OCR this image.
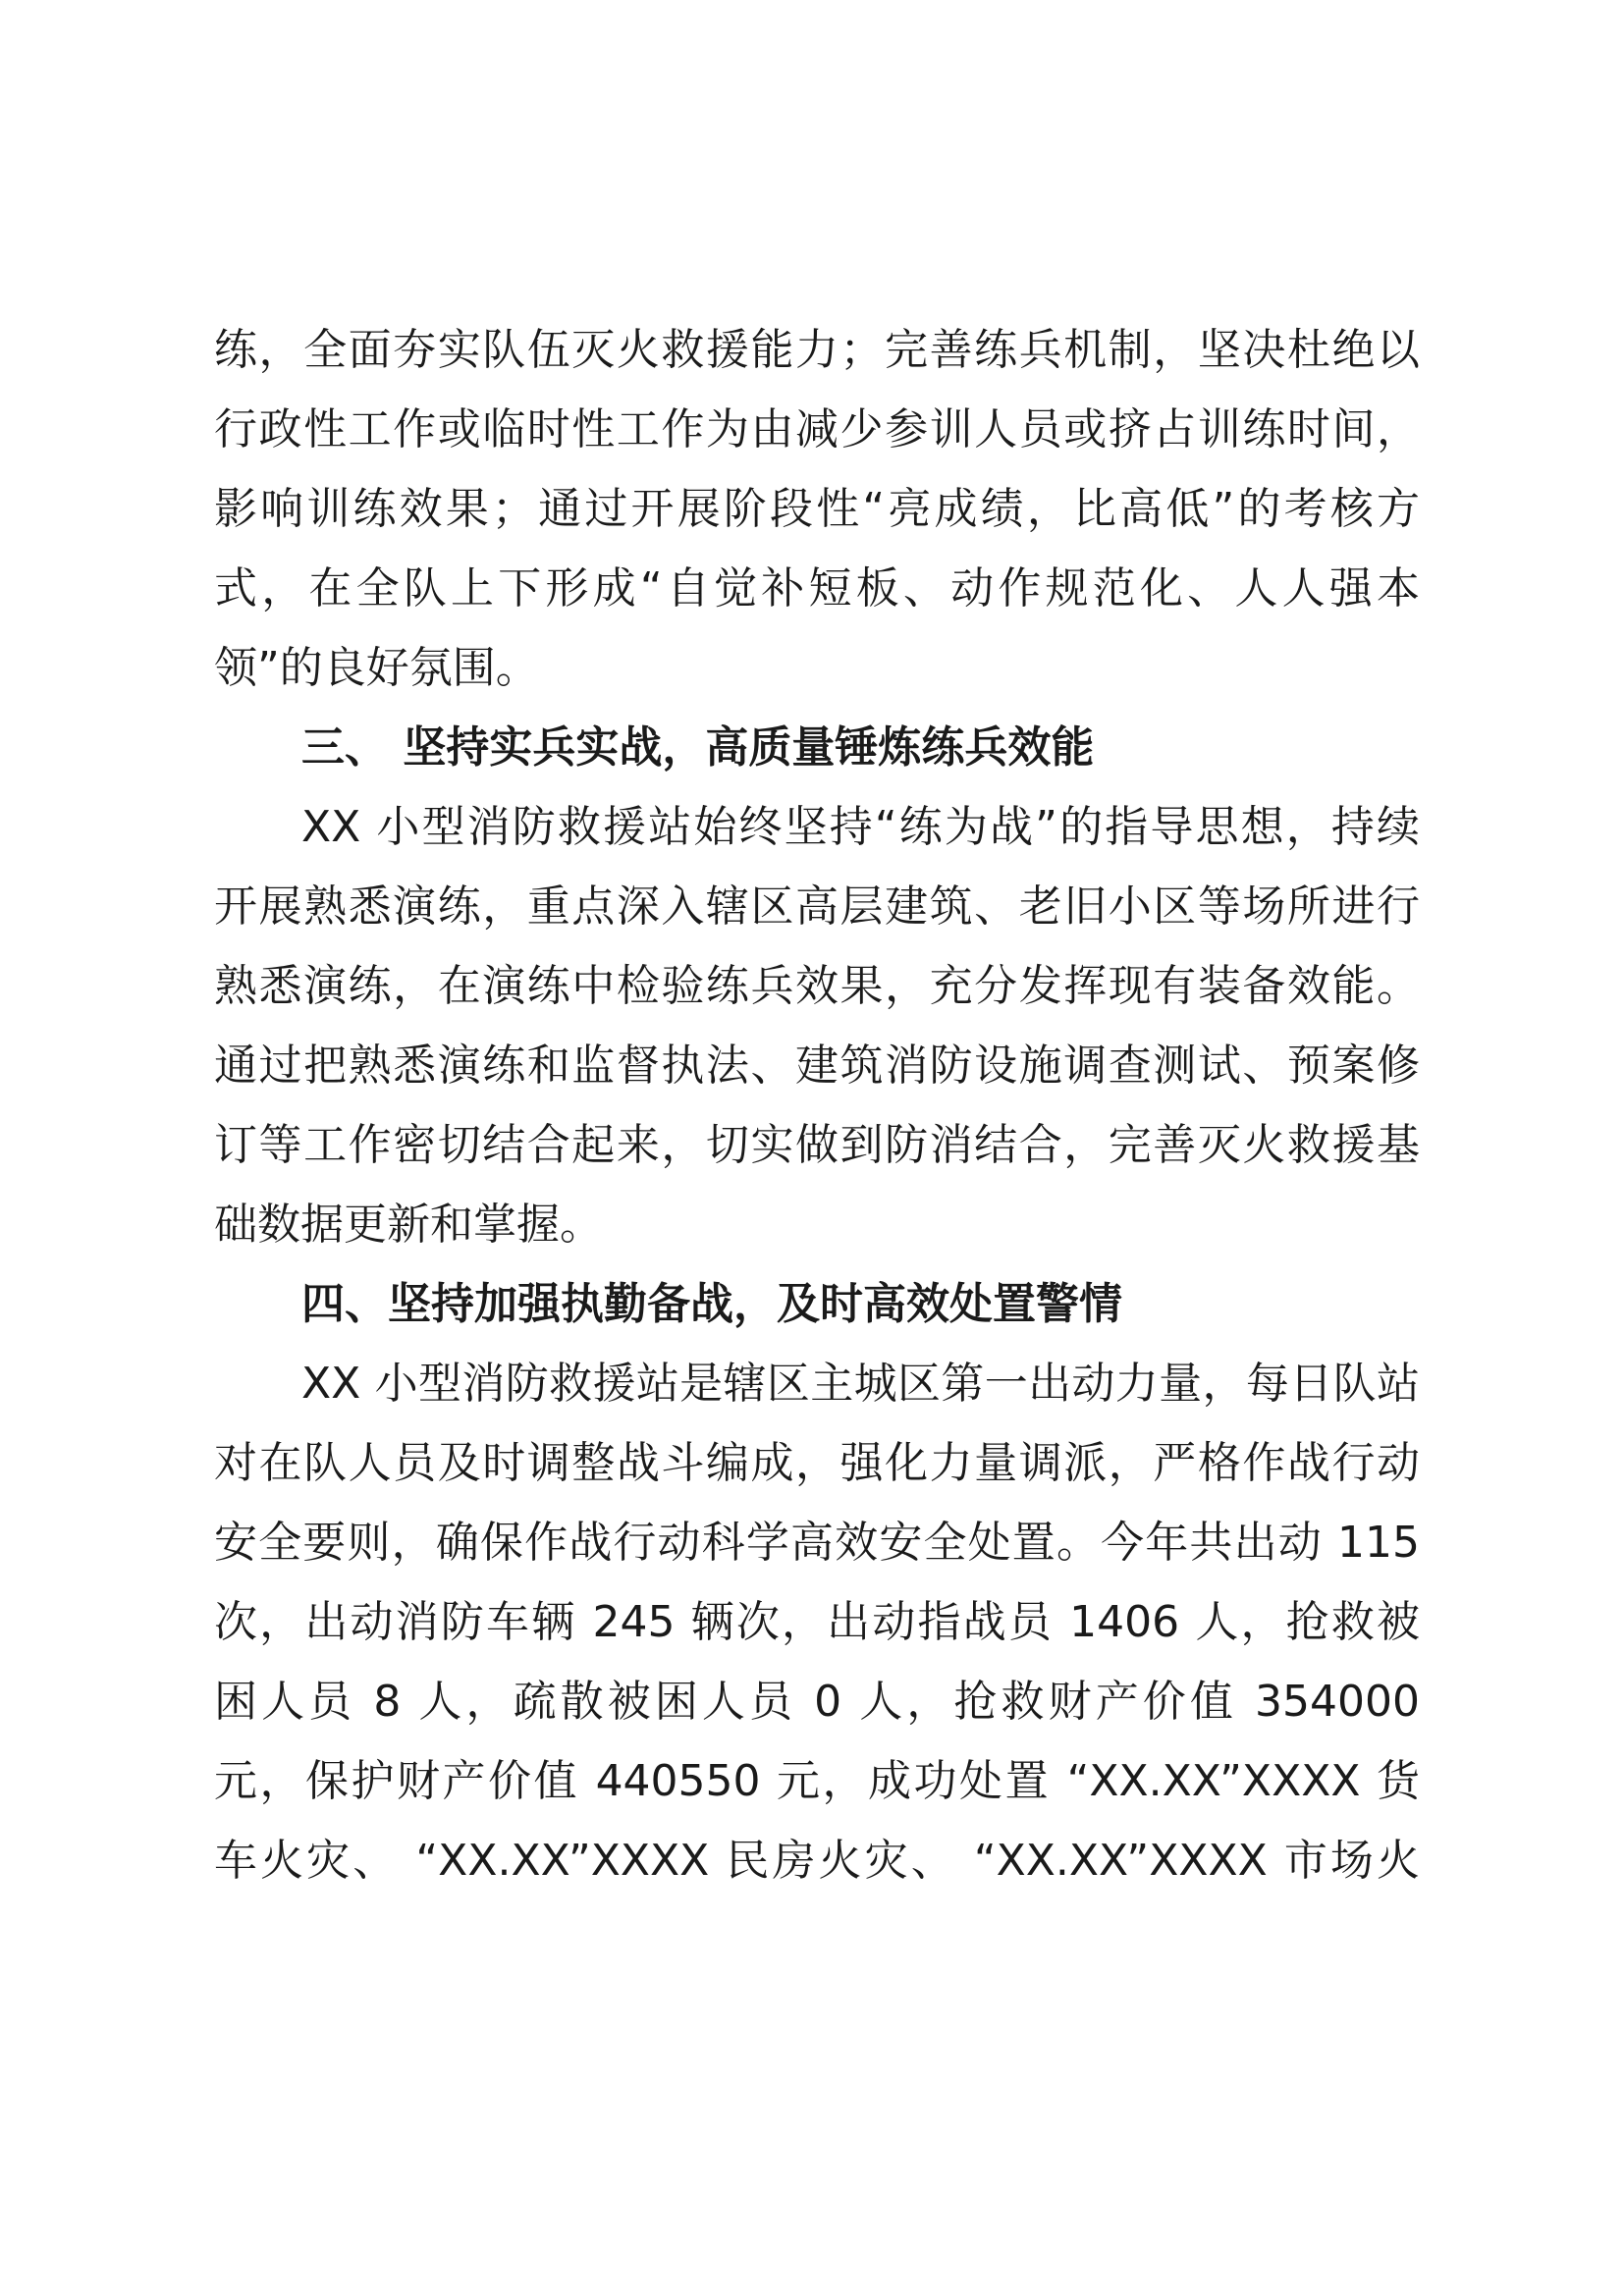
练，全面夯实队伍灭火救援能力；完善练兵机制，坚决杜绝以
行政性工作或临时性工作为由减少参训人员或挤占训练时间，
影响训练效果；通过开展阶段性“亮成绩，比高低”的考核方
式，在全队上下形成“自觉补短板、动作规范化、人人强本
领”的良好氛围。
三、 坚持实兵实战，高质量锤炼练兵效能
XX 小型消防救援站始终坚持“练为战”的指导思想，持续
开展熟悉演练，重点深入辖区高层建筑、老旧小区等场所进行
熟悉演练，在演练中检验练兵效果，充分发挥现有装备效能。
通过把熟悉演练和监督执法、建筑消防设施调查测试、预案修
订等工作密切结合起来，切实做到防消结合，完善灭火救援基
础数据更新和掌握。
四、坚持加强执勤备战，及时高效处置警情
XX 小型消防救援站是辖区主城区第一出动力量，每日队站
对在队人员及时调整战斗编成，强化力量调派，严格作战行动
安全要则，确保作战行动科学高效安全处置。今年共出动 115
次，出动消防车辆 245 辆次，出动指战员 1406 人，抢救被
困人员 8 人，疏散被困人员 0 人，抢救财产价值 354000
元，保护财产价值 440550 元，成功处置 “XX.XX”XXXX 货
车火灾、 “XX.XX”XXXX 民房火灾、 “XX.XX”XXXX 市场火
